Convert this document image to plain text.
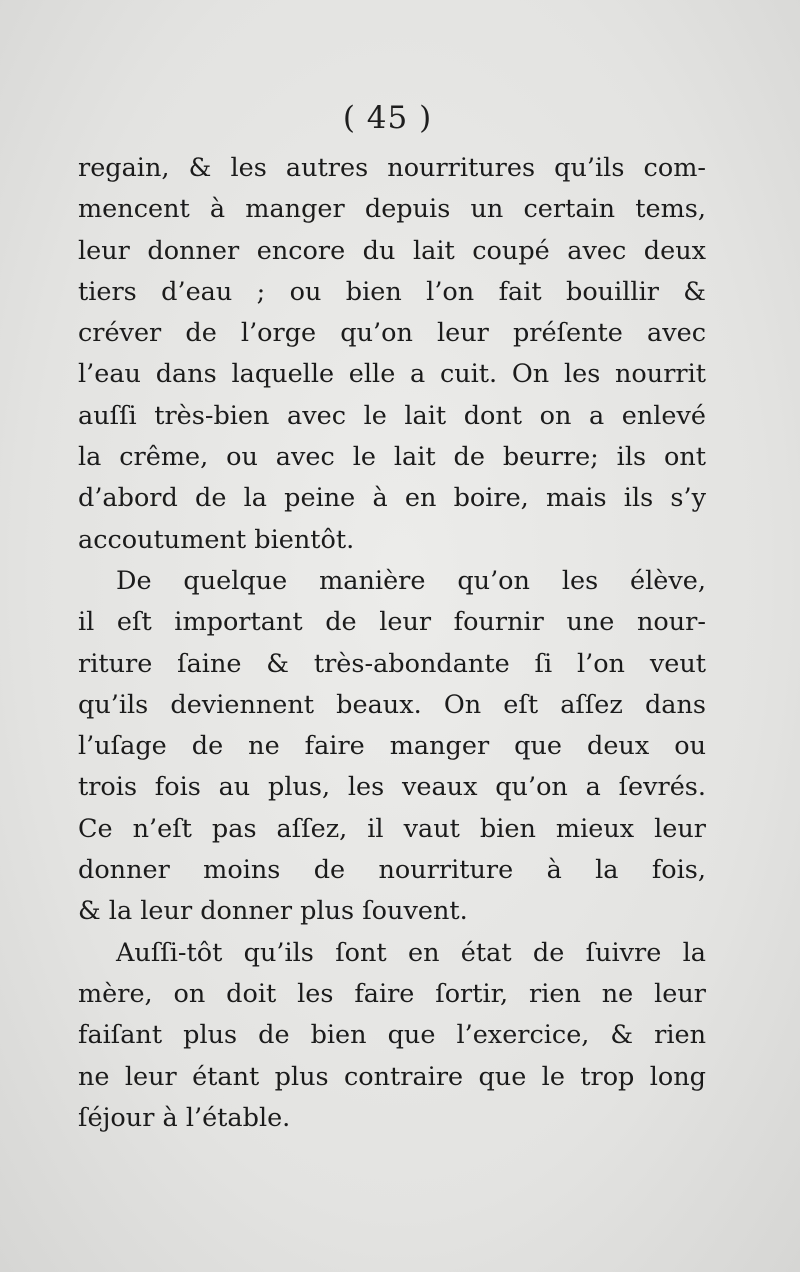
( 45 )
regain, & les autres nourritures qu’ils com-
mencent à manger depuis un certain tems,
leur donner encore du lait coupé avec deux
tiers d’eau ; ou bien l’on fait bouillir &
créver de l’orge qu’on leur préſente avec
l’eau dans laquelle elle a cuit. On les nourrit
auſſi très-bien avec le lait dont on a enlevé
la crême, ou avec le lait de beurre; ils ont
d’abord de la peine à en boire, mais ils s’y
accoutument bientôt.
De quelque manière qu’on les élève,
il eſt important de leur fournir une nour-
riture ſaine & très-abondante ſi l’on veut
qu’ils deviennent beaux. On eſt aſſez dans
l’uſage de ne faire manger que deux ou
trois fois au plus, les veaux qu’on a ſevrés.
Ce n’eſt pas aſſez, il vaut bien mieux leur
donner moins de nourriture à la fois,
& la leur donner plus ſouvent.
Auſſi-tôt qu’ils ſont en état de ſuivre la
mère, on doit les faire ſortir, rien ne leur
faiſant plus de bien que l’exercice, & rien
ne leur étant plus contraire que le trop long
ſéjour à l’étable.
